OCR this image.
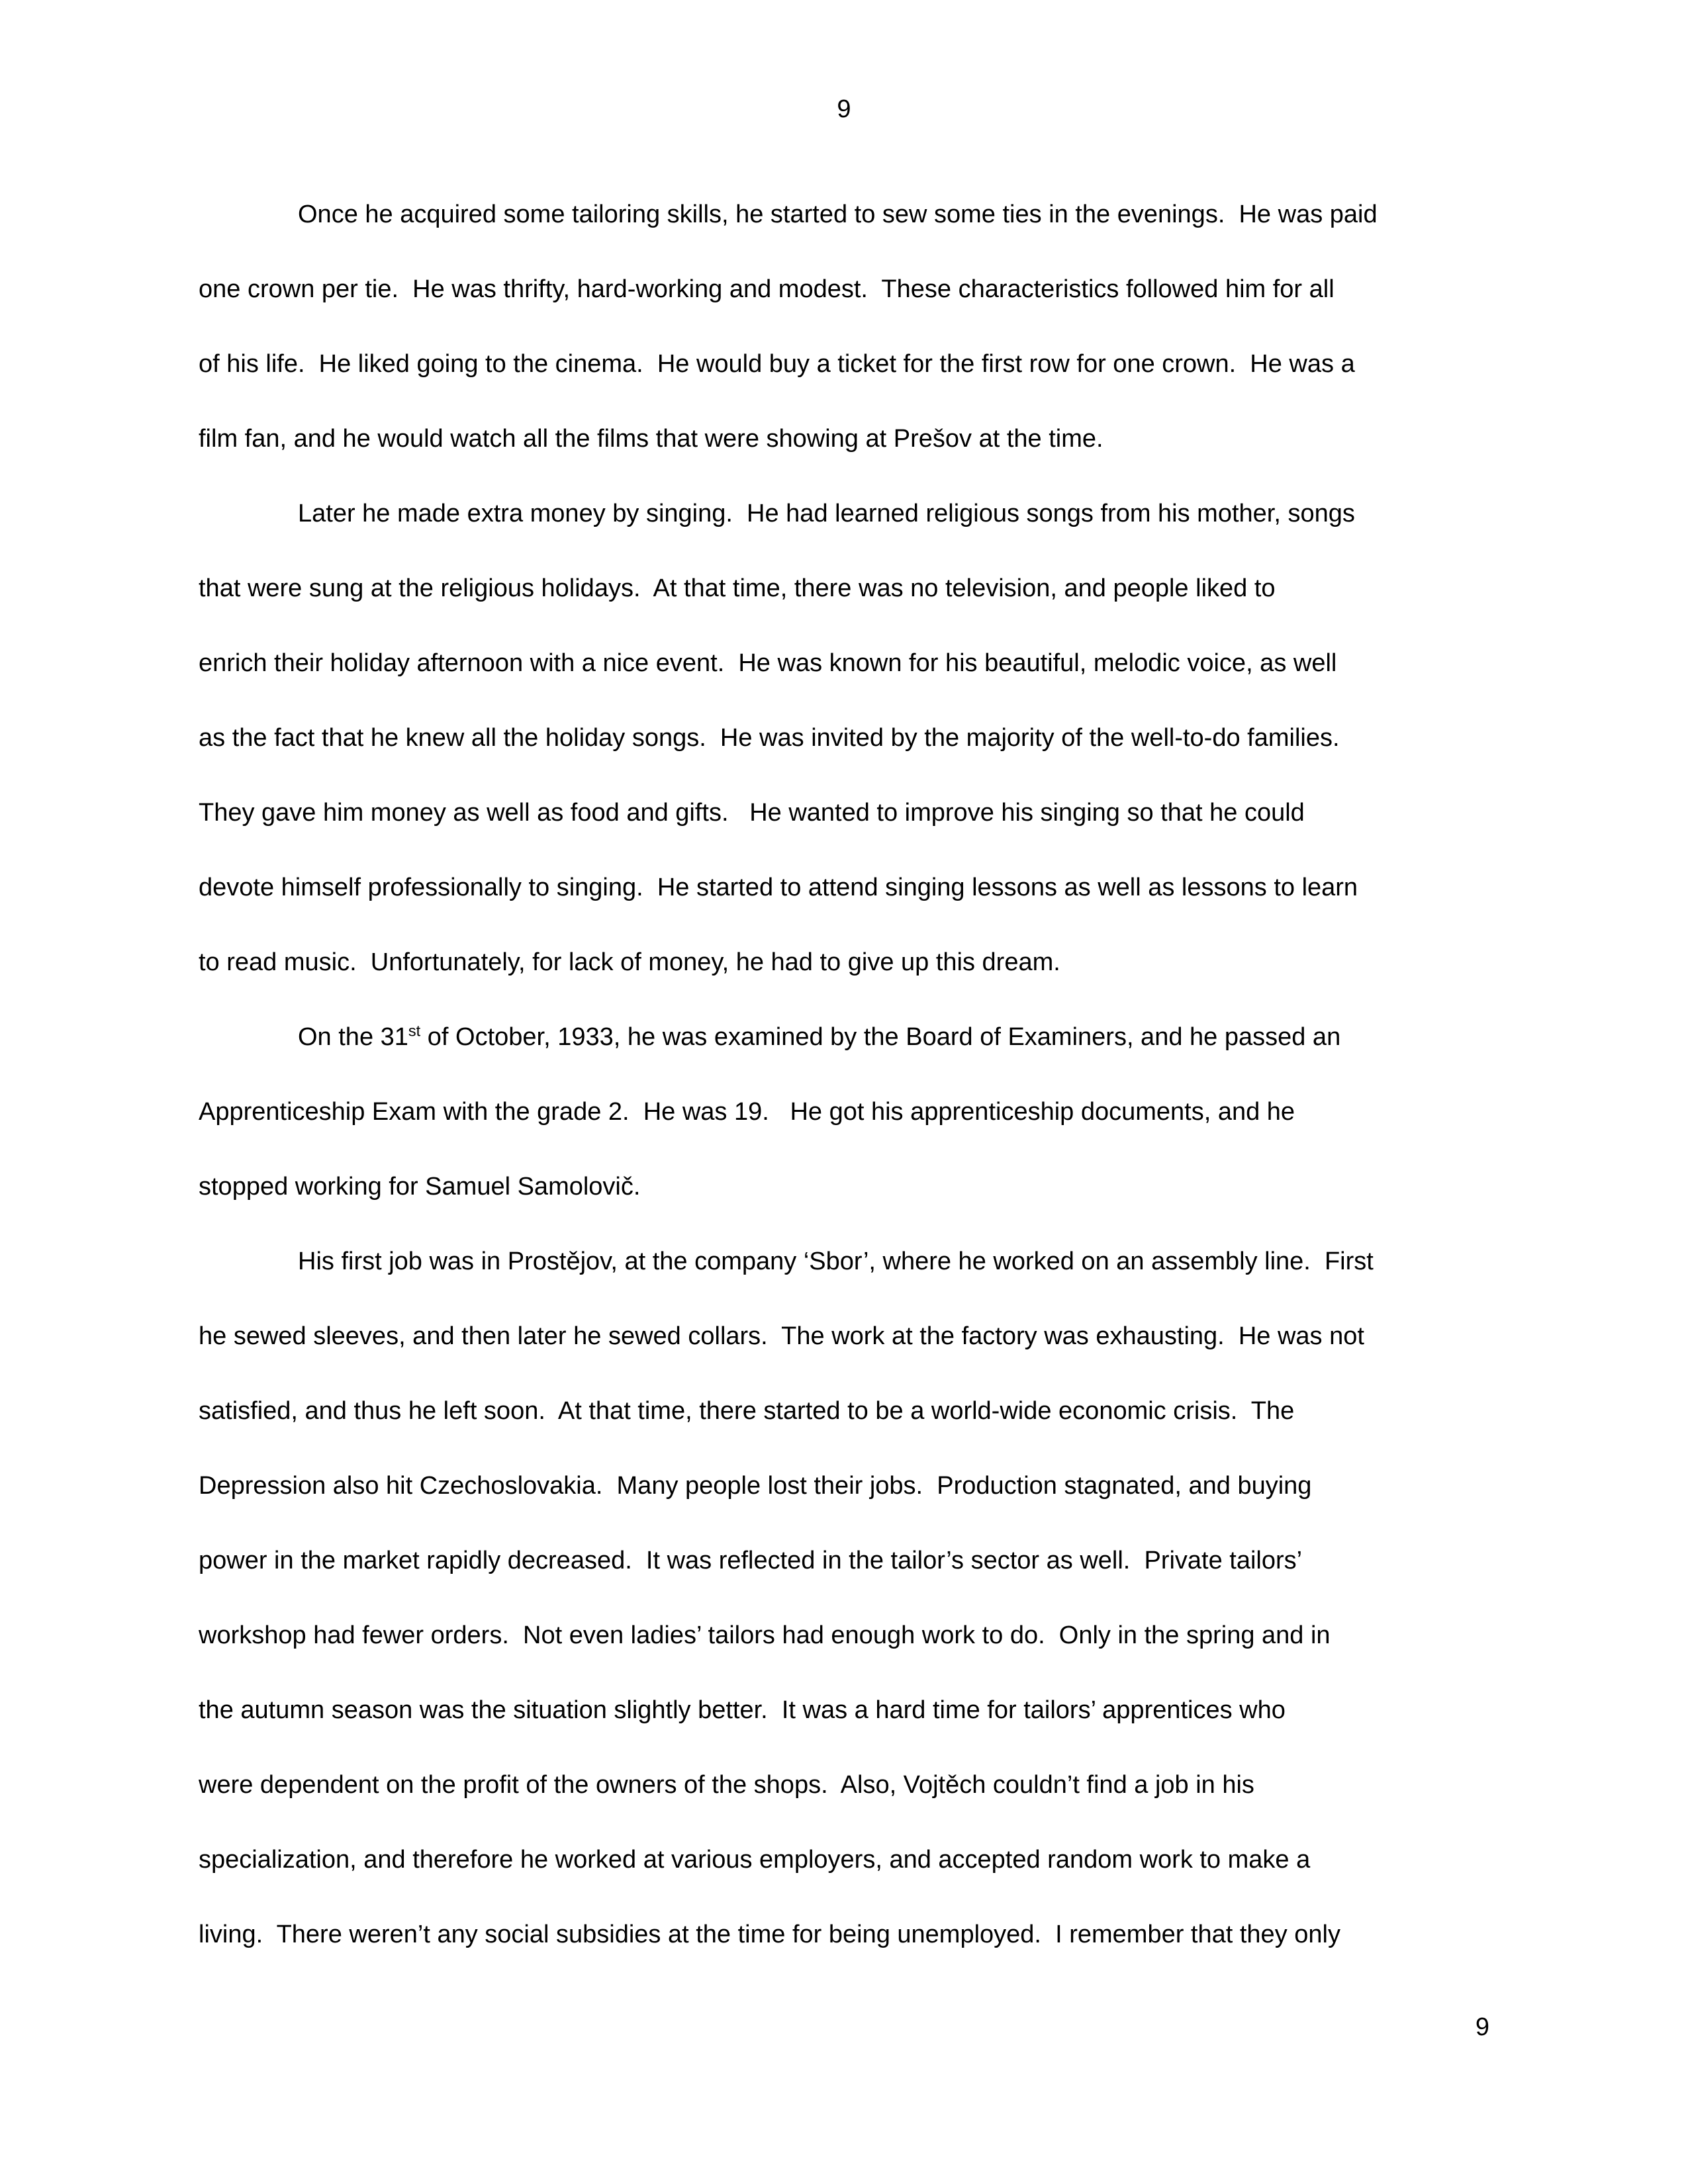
9
Once he acquired some tailoring skills, he started to sew some ties in the evenings.  He was paid
one crown per tie.  He was thrifty, hard-working and modest.  These characteristics followed him for all
of his life.  He liked going to the cinema.  He would buy a ticket for the first row for one crown.  He was a
film fan, and he would watch all the films that were showing at Prešov at the time.
Later he made extra money by singing.  He had learned religious songs from his mother, songs
that were sung at the religious holidays.  At that time, there was no television, and people liked to
enrich their holiday afternoon with a nice event.  He was known for his beautiful, melodic voice, as well
as the fact that he knew all the holiday songs.  He was invited by the majority of the well-to-do families.
They gave him money as well as food and gifts.   He wanted to improve his singing so that he could
devote himself professionally to singing.  He started to attend singing lessons as well as lessons to learn
to read music.  Unfortunately, for lack of money, he had to give up this dream.
On the 31st of October, 1933, he was examined by the Board of Examiners, and he passed an
Apprenticeship Exam with the grade 2.  He was 19.   He got his apprenticeship documents, and he
stopped working for Samuel Samolovič.
His first job was in Prostějov, at the company ‘Sbor’, where he worked on an assembly line.  First
he sewed sleeves, and then later he sewed collars.  The work at the factory was exhausting.  He was not
satisfied, and thus he left soon.  At that time, there started to be a world-wide economic crisis.  The
Depression also hit Czechoslovakia.  Many people lost their jobs.  Production stagnated, and buying
power in the market rapidly decreased.  It was reflected in the tailor’s sector as well.  Private tailors’
workshop had fewer orders.  Not even ladies’ tailors had enough work to do.  Only in the spring and in
the autumn season was the situation slightly better.  It was a hard time for tailors’ apprentices who
were dependent on the profit of the owners of the shops.  Also, Vojtěch couldn’t find a job in his
specialization, and therefore he worked at various employers, and accepted random work to make a
living.  There weren’t any social subsidies at the time for being unemployed.  I remember that they only
9
